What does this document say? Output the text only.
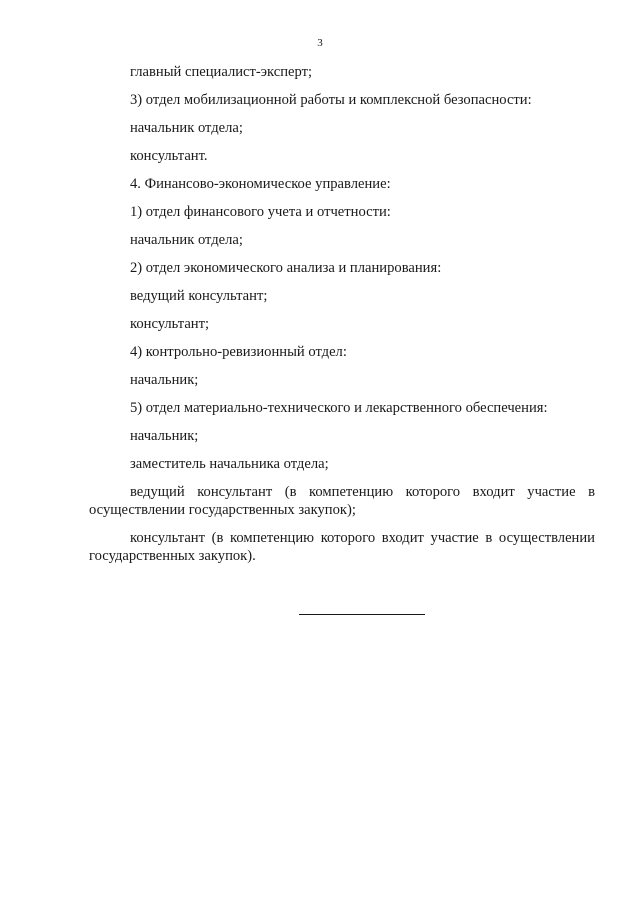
3

главный специалист-эксперт;

3) отдел мобилизационной работы и комплексной безопасности:

начальник отдела;

консультант.

4. Финансово-экономическое управление:

1) отдел финансового учета и отчетности:

начальник отдела;

2) отдел экономического анализа и планирования:

ведущий консультант;

консультант;

4) контрольно-ревизионный отдел:

начальник;

5) отдел материально-технического и лекарственного обеспечения:

начальник;

заместитель начальника отдела;

ведущий консультант (в компетенцию которого входит участие в осуществлении государственных закупок);

консультант (в компетенцию которого входит участие в осуществлении государственных закупок).
